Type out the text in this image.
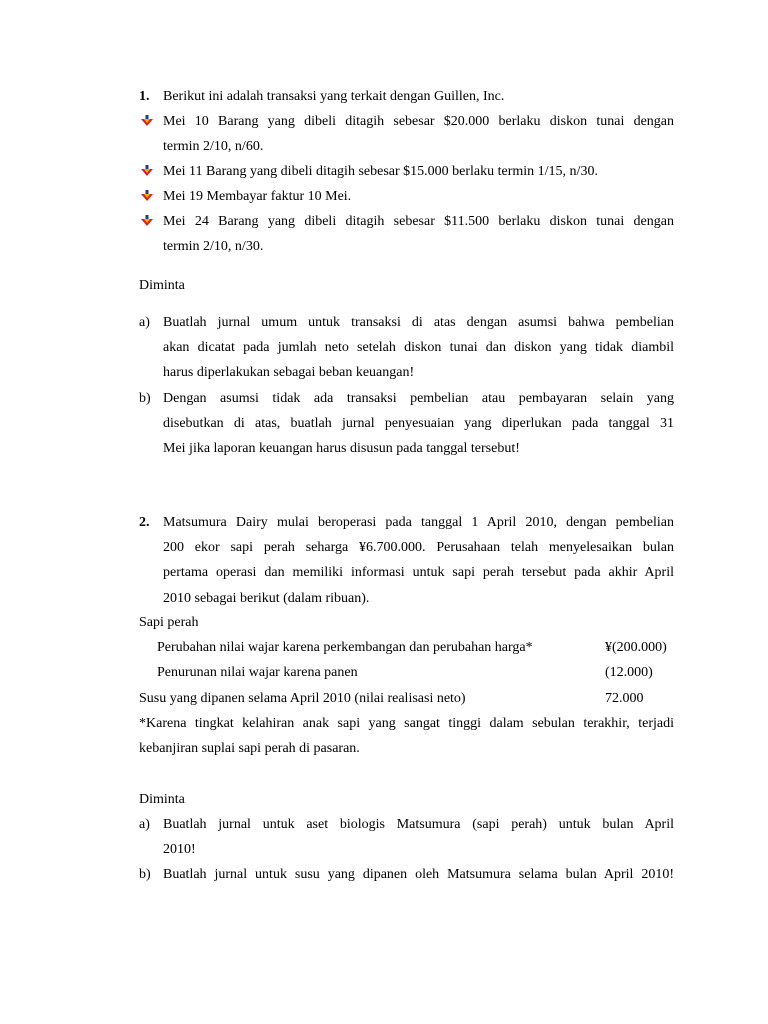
1. Berikut ini adalah transaksi yang terkait dengan Guillen, Inc.
Mei 10 Barang yang dibeli ditagih sebesar $20.000 berlaku diskon tunai dengan
termin 2/10, n/60.
Mei 11 Barang yang dibeli ditagih sebesar $15.000 berlaku termin 1/15, n/30.
Mei 19 Membayar faktur 10 Mei.
Mei 24 Barang yang dibeli ditagih sebesar $11.500 berlaku diskon tunai dengan
termin 2/10, n/30.
Diminta
a) Buatlah jurnal umum untuk transaksi di atas dengan asumsi bahwa pembelian
akan dicatat pada jumlah neto setelah diskon tunai dan diskon yang tidak diambil
harus diperlakukan sebagai beban keuangan!
b) Dengan asumsi tidak ada transaksi pembelian atau pembayaran selain yang
disebutkan di atas, buatlah jurnal penyesuaian yang diperlukan pada tanggal 31
Mei jika laporan keuangan harus disusun pada tanggal tersebut!
2. Matsumura Dairy mulai beroperasi pada tanggal 1 April 2010, dengan pembelian
200 ekor sapi perah seharga ¥6.700.000. Perusahaan telah menyelesaikan bulan
pertama operasi dan memiliki informasi untuk sapi perah tersebut pada akhir April
2010 sebagai berikut (dalam ribuan).
Sapi perah
Perubahan nilai wajar karena perkembangan dan perubahan harga*	¥(200.000)
Penurunan nilai wajar karena panen	(12.000)
Susu yang dipanen selama April 2010 (nilai realisasi neto)	72.000
*Karena tingkat kelahiran anak sapi yang sangat tinggi dalam sebulan terakhir, terjadi
kebanjiran suplai sapi perah di pasaran.
Diminta
a) Buatlah jurnal untuk aset biologis Matsumura (sapi perah) untuk bulan April
2010!
b) Buatlah jurnal untuk susu yang dipanen oleh Matsumura selama bulan April 2010!
